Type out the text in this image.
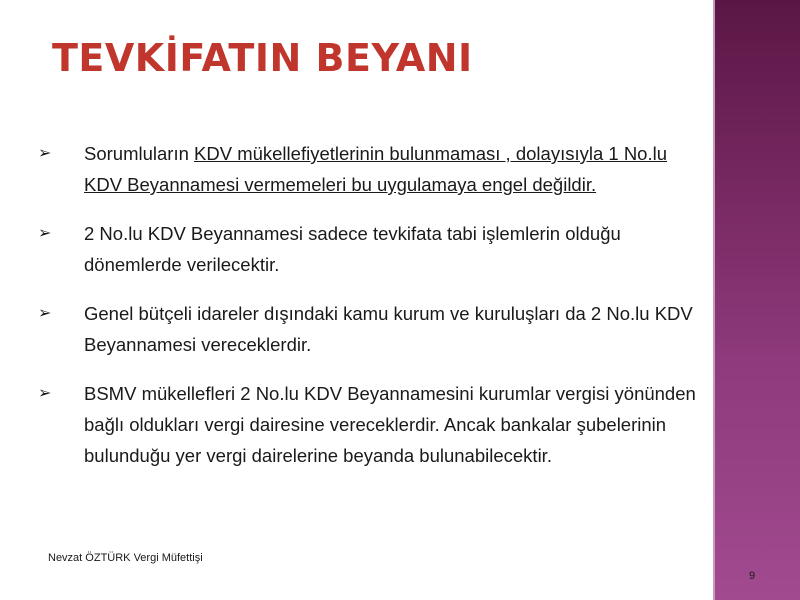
TEVKİFATIN BEYANI
➢ Sorumluların KDV mükellefiyetlerinin bulunmaması , dolayısıyla 1 No.lu KDV Beyannamesi vermemeleri bu uygulamaya engel değildir.
➢ 2 No.lu KDV Beyannamesi sadece tevkifata tabi işlemlerin olduğu dönemlerde verilecektir.
➢ Genel bütçeli idareler dışındaki kamu kurum ve kuruluşları da 2 No.lu KDV Beyannamesi vereceklerdir.
➢ BSMV mükellefleri 2 No.lu KDV Beyannamesini kurumlar vergisi yönünden bağlı oldukları vergi dairesine vereceklerdir. Ancak bankalar şubelerinin bulunduğu yer vergi dairelerine beyanda bulunabilecektir.
Nevzat ÖZTÜRK Vergi Müfettişi
9
